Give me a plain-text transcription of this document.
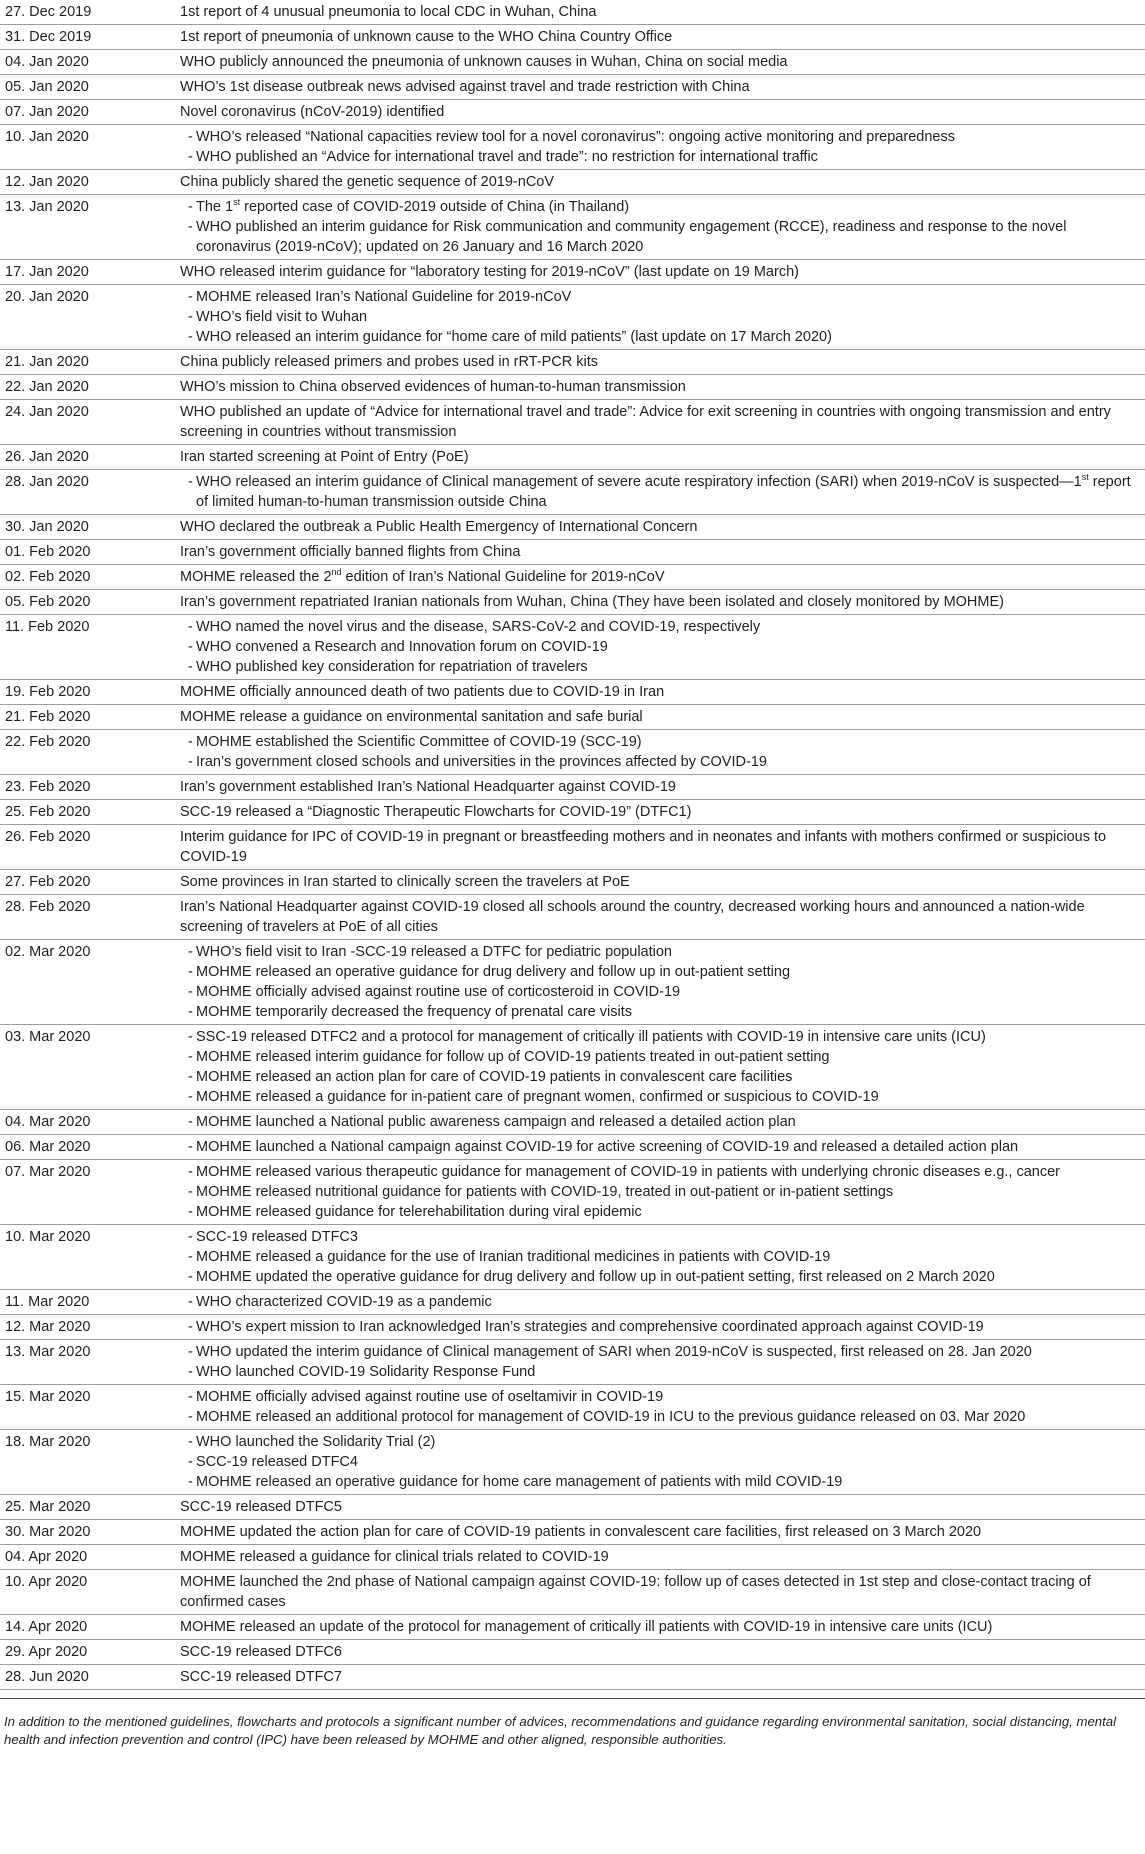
27. Dec 2019	1st report of 4 unusual pneumonia to local CDC in Wuhan, China

31. Dec 2019	1st report of pneumonia of unknown cause to the WHO China Country Office

04. Jan 2020	WHO publicly announced the pneumonia of unknown causes in Wuhan, China on social media

05. Jan 2020	WHO’s 1st disease outbreak news advised against travel and trade restriction with China

07. Jan 2020	Novel coronavirus (nCoV-2019) identified

10. Jan 2020	- WHO’s released “National capacities review tool for a novel coronavirus”: ongoing active monitoring and preparedness
- WHO published an “Advice for international travel and trade”: no restriction for international traffic

12. Jan 2020	China publicly shared the genetic sequence of 2019-nCoV

13. Jan 2020	- The 1st reported case of COVID-2019 outside of China (in Thailand)
- WHO published an interim guidance for Risk communication and community engagement (RCCE), readiness and response to the novel coronavirus (2019-nCoV); updated on 26 January and 16 March 2020

17. Jan 2020	WHO released interim guidance for “laboratory testing for 2019-nCoV” (last update on 19 March)

20. Jan 2020	- MOHME released Iran’s National Guideline for 2019-nCoV
- WHO’s field visit to Wuhan
- WHO released an interim guidance for “home care of mild patients” (last update on 17 March 2020)

21. Jan 2020	China publicly released primers and probes used in rRT-PCR kits

22. Jan 2020	WHO’s mission to China observed evidences of human-to-human transmission

24. Jan 2020	WHO published an update of “Advice for international travel and trade”: Advice for exit screening in countries with ongoing transmission and entry screening in countries without transmission

26. Jan 2020	Iran started screening at Point of Entry (PoE)

28. Jan 2020	- WHO released an interim guidance of Clinical management of severe acute respiratory infection (SARI) when 2019-nCoV is suspected—1st report of limited human-to-human transmission outside China

30. Jan 2020	WHO declared the outbreak a Public Health Emergency of International Concern

01. Feb 2020	Iran’s government officially banned flights from China

02. Feb 2020	MOHME released the 2nd edition of Iran’s National Guideline for 2019-nCoV

05. Feb 2020	Iran’s government repatriated Iranian nationals from Wuhan, China (They have been isolated and closely monitored by MOHME)

11. Feb 2020	- WHO named the novel virus and the disease, SARS-CoV-2 and COVID-19, respectively
- WHO convened a Research and Innovation forum on COVID-19
- WHO published key consideration for repatriation of travelers

19. Feb 2020	MOHME officially announced death of two patients due to COVID-19 in Iran

21. Feb 2020	MOHME release a guidance on environmental sanitation and safe burial

22. Feb 2020	- MOHME established the Scientific Committee of COVID-19 (SCC-19)
- Iran’s government closed schools and universities in the provinces affected by COVID-19

23. Feb 2020	Iran’s government established Iran’s National Headquarter against COVID-19

25. Feb 2020	SCC-19 released a “Diagnostic Therapeutic Flowcharts for COVID-19” (DTFC1)

26. Feb 2020	Interim guidance for IPC of COVID-19 in pregnant or breastfeeding mothers and in neonates and infants with mothers confirmed or suspicious to COVID-19

27. Feb 2020	Some provinces in Iran started to clinically screen the travelers at PoE

28. Feb 2020	Iran’s National Headquarter against COVID-19 closed all schools around the country, decreased working hours and announced a nation-wide screening of travelers at PoE of all cities

02. Mar 2020	- WHO’s field visit to Iran -SCC-19 released a DTFC for pediatric population
- MOHME released an operative guidance for drug delivery and follow up in out-patient setting
- MOHME officially advised against routine use of corticosteroid in COVID-19
- MOHME temporarily decreased the frequency of prenatal care visits

03. Mar 2020	- SSC-19 released DTFC2 and a protocol for management of critically ill patients with COVID-19 in intensive care units (ICU)
- MOHME released interim guidance for follow up of COVID-19 patients treated in out-patient setting
- MOHME released an action plan for care of COVID-19 patients in convalescent care facilities
- MOHME released a guidance for in-patient care of pregnant women, confirmed or suspicious to COVID-19

04. Mar 2020	- MOHME launched a National public awareness campaign and released a detailed action plan

06. Mar 2020	- MOHME launched a National campaign against COVID-19 for active screening of COVID-19 and released a detailed action plan

07. Mar 2020	- MOHME released various therapeutic guidance for management of COVID-19 in patients with underlying chronic diseases e.g., cancer
- MOHME released nutritional guidance for patients with COVID-19, treated in out-patient or in-patient settings
- MOHME released guidance for telerehabilitation during viral epidemic

10. Mar 2020	- SCC-19 released DTFC3
- MOHME released a guidance for the use of Iranian traditional medicines in patients with COVID-19
- MOHME updated the operative guidance for drug delivery and follow up in out-patient setting, first released on 2 March 2020

11. Mar 2020	- WHO characterized COVID-19 as a pandemic

12. Mar 2020	- WHO’s expert mission to Iran acknowledged Iran’s strategies and comprehensive coordinated approach against COVID-19

13. Mar 2020	- WHO updated the interim guidance of Clinical management of SARI when 2019-nCoV is suspected, first released on 28. Jan 2020
- WHO launched COVID-19 Solidarity Response Fund

15. Mar 2020	- MOHME officially advised against routine use of oseltamivir in COVID-19
- MOHME released an additional protocol for management of COVID-19 in ICU to the previous guidance released on 03. Mar 2020

18. Mar 2020	- WHO launched the Solidarity Trial (2)
- SCC-19 released DTFC4
- MOHME released an operative guidance for home care management of patients with mild COVID-19

25. Mar 2020	SCC-19 released DTFC5

30. Mar 2020	MOHME updated the action plan for care of COVID-19 patients in convalescent care facilities, first released on 3 March 2020

04. Apr 2020	MOHME released a guidance for clinical trials related to COVID-19

10. Apr 2020	MOHME launched the 2nd phase of National campaign against COVID-19: follow up of cases detected in 1st step and close-contact tracing of confirmed cases

14. Apr 2020	MOHME released an update of the protocol for management of critically ill patients with COVID-19 in intensive care units (ICU)

29. Apr 2020	SCC-19 released DTFC6

28. Jun 2020	SCC-19 released DTFC7
In addition to the mentioned guidelines, flowcharts and protocols a significant number of advices, recommendations and guidance regarding environmental sanitation, social distancing, mental health and infection prevention and control (IPC) have been released by MOHME and other aligned, responsible authorities.
